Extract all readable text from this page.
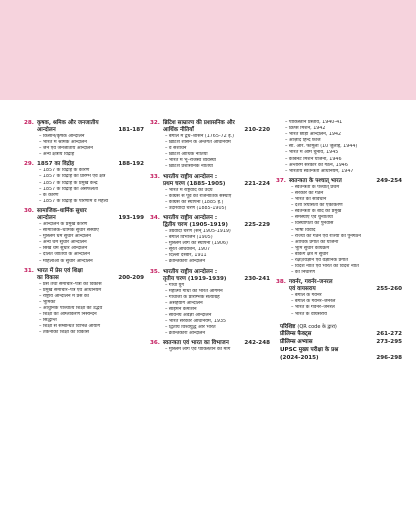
28. कृषक, श्रमिक और जनजातीय
आन्दोलन	181-187
– किसान/कृषक आन्दोलन
– भारत में श्रमिक आन्दोलन
– जन एवं जनजातीय आन्दोलन
– अन्य क्षेत्रीय विद्रोह
29. 1857 का विद्रोह	188-192
– 1857 के विद्रोह के कारण
– 1857 के विद्रोह का प्रारम्भ एवं क्षेत्र
– 1857 के विद्रोह के प्रमुख केन्द्र
– 1857 के विद्रोह की असफलता
– के कारण
– 1857 के विद्रोह के परिणाम व महत्त्व
30. सामाजिक–धार्मिक सुधार
आन्दोलन	193-199
– आन्दोलन के प्रमुख कारण
– सामाजिक–धार्मिक सुधार संस्थाएँ
– मुस्लिम धर्म सुधार आन्दोलन
– अन्य धर्म सुधार आन्दोलन
– सिख धर्म सुधार आन्दोलन
– दलित जातियों के आन्दोलन
– महिलाओं के सुधार आन्दोलन
31. भारत में प्रेस एवं शिक्षा
का विकास	200-209
– प्रेस तथा समाचार–पत्रों का विकास
– प्रमुख समाचार–पत्र एवं अधिनियम
– राष्ट्रीय आन्दोलन में प्रेस की
– भूमिका
– आधुनिक पाश्चात्य शिक्षा का उद्भव
– शिक्षा का आंग्लीकरण निस्यन्दन
– सिद्धान्त
– शिक्षा से सम्बन्धित विभिन्न आयोग
– तकनीकी शिक्षा का विकास
32. ब्रिटिश साम्राज्य की प्रशासनिक और
आर्थिक नीतियाँ	210-220
– बंगाल में द्वैध–शासन (1765-72 ई.)
– ब्रिटिश शासन के अन्तर्गत अधिनियम
– व संशोधन
– ब्रिटिश आर्थिक नीतियाँ
– भारत में भू–राजस्व व्यवस्था
– ब्रिटिश प्रशासनिक नीतियाँ
33. भारतीय राष्ट्रीय आन्दोलन :
प्रथम चरण (1885-1905)	221-224
– भारत में राष्ट्रवाद का उदय
– कांग्रेस से पूर्व की राजनीतिक संस्थाएँ
– कांग्रेस की स्थापना (1885 ई.)
– उदारवादी चरण (1885-1905)
34. भारतीय राष्ट्रीय आन्दोलन :
द्वितीय चरण (1905-1919)	225-229
– उग्रवादी चरण (सन् 1905-1919)
– बंगाल विभाजन (1905)
– मुस्लिम लीग की स्थापना (1906)
– सूरत अधिवेशन, 1907
– दिल्ली दरबार, 1911
– क्रान्तिकारी आन्दोलन
35. भारतीय राष्ट्रीय आन्दोलन :
तृतीय चरण (1919-1939)	230-241
– गाँधी युग
– महात्मा गाँधी का भारत आगमन
– गाँधीजी के प्रारम्भिक सत्याग्रह
– असहयोग आन्दोलन
– साइमन कमीशन
– सविनय अवज्ञा आन्दोलन
– भारत सरकार अधिनियम, 1935
– द्वितीय विश्वयुद्ध और भारत
– क्रान्तिकारी आन्दोलन
36. स्वतन्त्रता एवं भारत का विभाजन	242-248
– मुस्लिम लीग एवं पाकिस्तान की माँग
– पाकिस्तान प्रस्ताव, 1940-41
– क्रिप्स मिशन, 1942
– भारत छोड़ो आन्दोलन, 1942
– आज़ाद हिन्द फ़ौज
– सी. आर. फॉर्मूला (10 जुलाई, 1944)
– भारत में आम चुनाव, 1945
– कैबिनेट मिशन योजना, 1946
– अन्तरिम सरकार का गठन, 1946
– भारतीय स्वतन्त्रता अधिनियम, 1947
37. स्वतन्त्रता के पश्चात् भारत	249-254
– स्वतन्त्रता के पश्चात् प्रथम
– सरकार का गठन
– भारत का संविधान
– देशी रियासतों का एकीकरण
– स्वतन्त्रता के बाद की प्रमुख
– समस्याएँ एवं चुनौतियाँ
– विस्थापितों का पुनर्वास
– भाषा विवाद
– राज्यों का गठन एवं राज्यों का पुनर्गठन
– आर्थिक प्रगति की योजना
– भूमि सुधार कार्यक्रम
– बैंकिंग क्षेत्र में सुधार
– रक्षा/विज्ञान एवं वैज्ञानिक प्रगति
– विदेश नीति एवं भारत की विदेश नीति
– का निर्धारण
38. गवर्नर, गवर्नर–जनरल
एवं वायसराय	255-260
– बंगाल के गवर्नर
– बंगाल के गवर्नर–जनरल
– भारत के गवर्नर–जनरल
– भारत के वायसराय
परिशिष्ट (QR code के द्वारा)
प्रीलिम्स फैक्ट्स	261-272
प्रीलिम्स अभ्यास	273-295
UPSC मुख्य परीक्षा के प्रश्न
(2024-2015)	296-298
